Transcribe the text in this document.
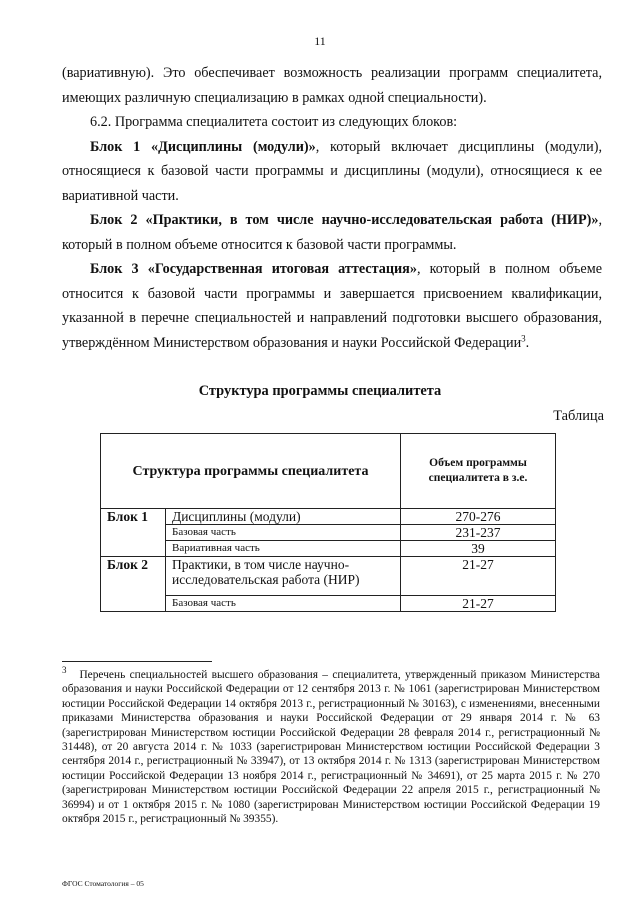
11

(вариативную). Это обеспечивает возможность реализации программ специалитета, имеющих различную специализацию в рамках одной специальности).

6.2. Программа специалитета состоит из следующих блоков:

Блок 1 «Дисциплины (модули)», который включает дисциплины (модули), относящиеся к базовой части программы и дисциплины (модули), относящиеся к ее вариативной части.

Блок 2 «Практики, в том числе научно-исследовательская работа (НИР)», который в полном объеме относится к базовой части программы.

Блок 3 «Государственная итоговая аттестация», который в полном объеме относится к базовой части программы и завершается присвоением квалификации, указанной в перечне специальностей и направлений подготовки высшего образования, утверждённом Министерством образования и науки Российской Федерации$^3$.

Структура программы специалитета
Таблица
Структура программы специалитета		Объем программы специалитета в з.е.
Блок 1	Дисциплины (модули)	270-276
	Базовая часть	231-237
	Вариативная часть	39
Блок 2	Практики, в том числе научно-исследовательская работа (НИР)	21-27
	Базовая часть	21-27

$^3$ Перечень специальностей высшего образования – специалитета, утвержденный приказом Министерства образования и науки Российской Федерации от 12 сентября 2013 г. № 1061 (зарегистрирован Министерством юстиции Российской Федерации 14 октября 2013 г., регистрационный № 30163), с изменениями, внесенными приказами Министерства образования и науки Российской Федерации от 29 января 2014 г. № 63 (зарегистрирован Министерством юстиции Российской Федерации 28 февраля 2014 г., регистрационный № 31448), от 20 августа 2014 г. № 1033 (зарегистрирован Министерством юстиции Российской Федерации 3 сентября 2014 г., регистрационный № 33947), от 13 октября 2014 г. № 1313 (зарегистрирован Министерством юстиции Российской Федерации 13 ноября 2014 г., регистрационный № 34691), от 25 марта 2015 г. № 270 (зарегистрирован Министерством юстиции Российской Федерации 22 апреля 2015 г., регистрационный № 36994) и от 1 октября 2015 г. № 1080 (зарегистрирован Министерством юстиции Российской Федерации 19 октября 2015 г., регистрационный № 39355).

ФГОС Стоматология – 05
